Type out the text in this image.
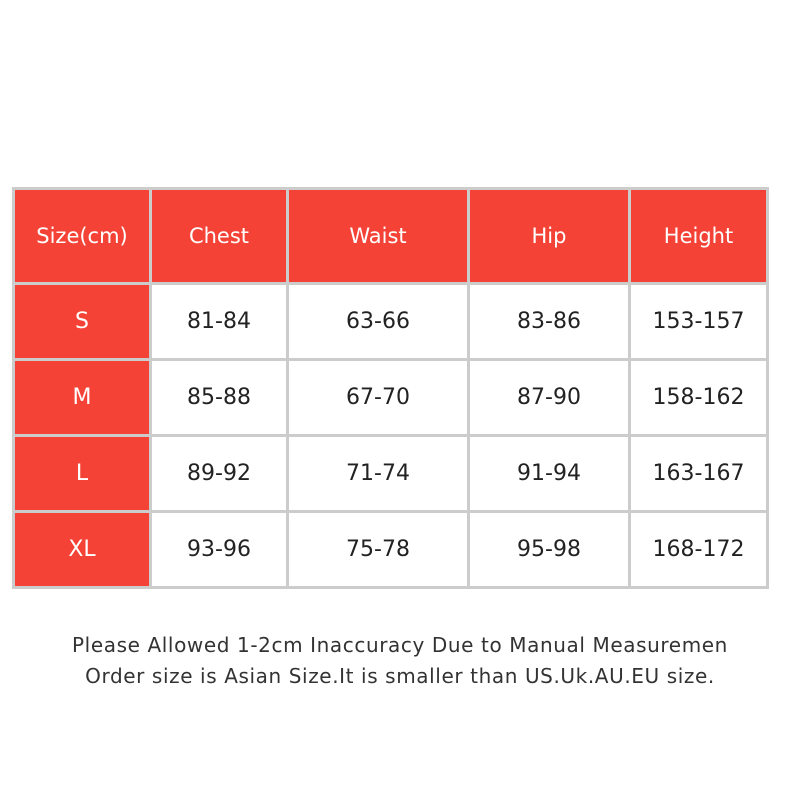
Size(cm)	Chest	Waist	Hip	Height
S	81-84	63-66	83-86	153-157
M	85-88	67-70	87-90	158-162
L	89-92	71-74	91-94	163-167
XL	93-96	75-78	95-98	168-172
Please Allowed 1-2cm Inaccuracy Due to Manual Measuremen
Order size is Asian Size.It is smaller than US.Uk.AU.EU size.
